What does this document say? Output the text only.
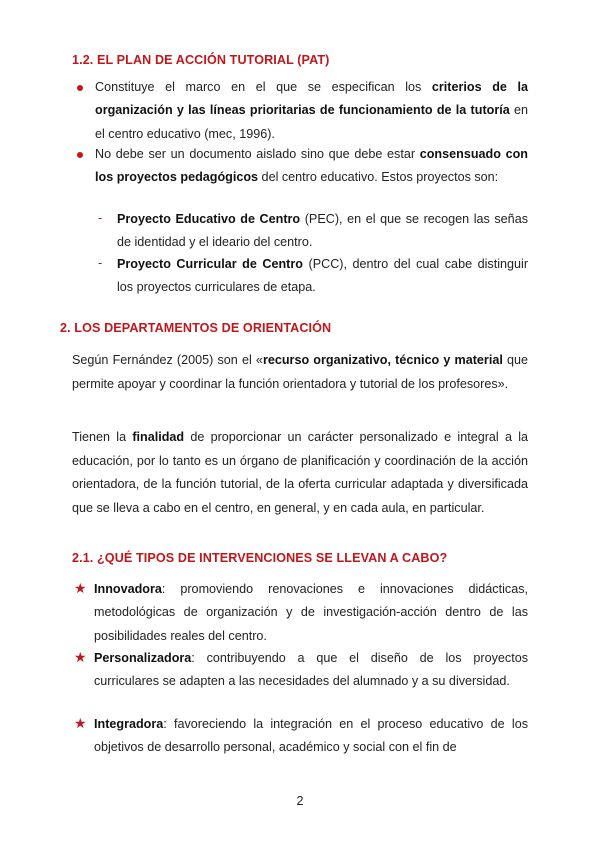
1.2. EL PLAN DE ACCIÓN TUTORIAL (PAT)
Constituye el marco en el que se especifican los criterios de la organización y las líneas prioritarias de funcionamiento de la tutoría en el centro educativo (mec, 1996).
No debe ser un documento aislado sino que debe estar consensuado con los proyectos pedagógicos del centro educativo. Estos proyectos son:
- Proyecto Educativo de Centro (PEC), en el que se recogen las señas de identidad y el ideario del centro.
- Proyecto Curricular de Centro (PCC), dentro del cual cabe distinguir los proyectos curriculares de etapa.
2. LOS DEPARTAMENTOS DE ORIENTACIÓN
Según Fernández (2005) son el «recurso organizativo, técnico y material que permite apoyar y coordinar la función orientadora y tutorial de los profesores».
Tienen la finalidad de proporcionar un carácter personalizado e integral a la educación, por lo tanto es un órgano de planificación y coordinación de la acción orientadora, de la función tutorial, de la oferta curricular adaptada y diversificada que se lleva a cabo en el centro, en general, y en cada aula, en particular.
2.1. ¿QUÉ TIPOS DE INTERVENCIONES SE LLEVAN A CABO?
★ Innovadora: promoviendo renovaciones e innovaciones didácticas, metodológicas de organización y de investigación-acción dentro de las posibilidades reales del centro.
★ Personalizadora: contribuyendo a que el diseño de los proyectos curriculares se adapten a las necesidades del alumnado y a su diversidad.
★ Integradora: favoreciendo la integración en el proceso educativo de los objetivos de desarrollo personal, académico y social con el fin de
2
